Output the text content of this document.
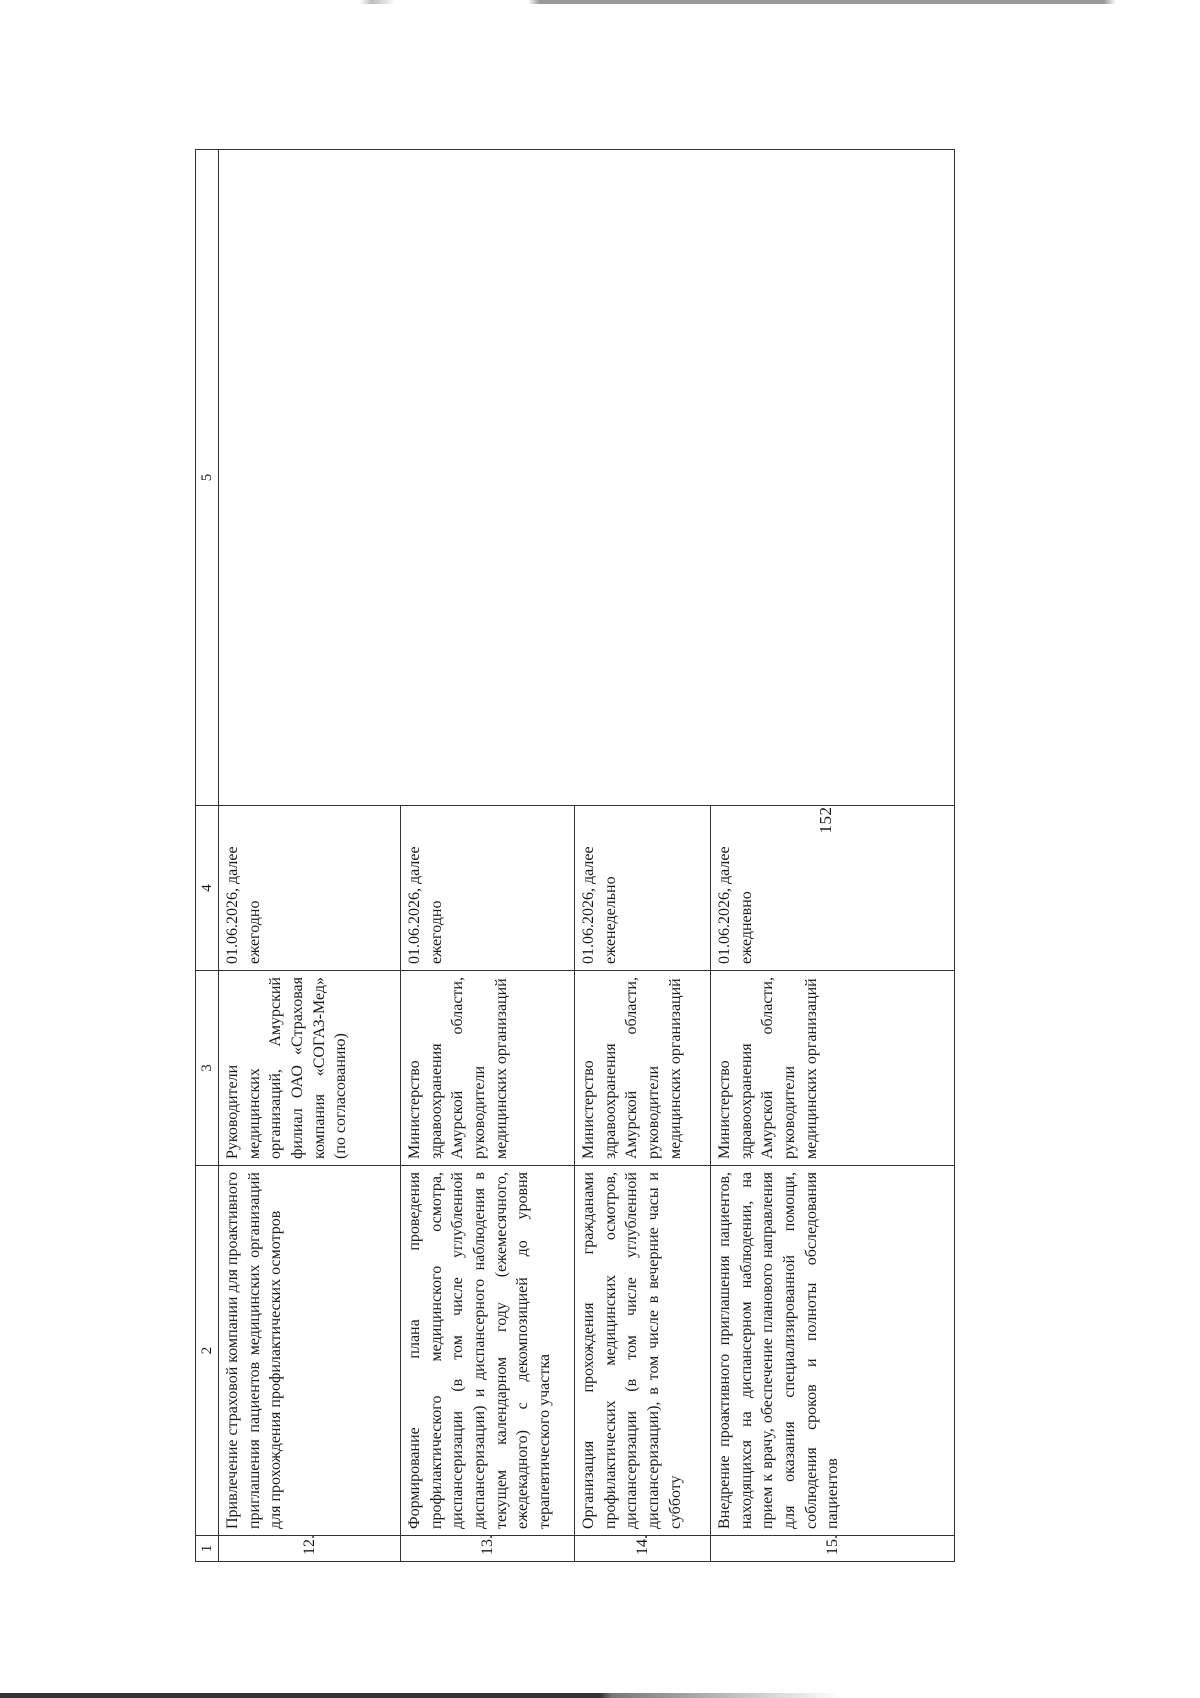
152
1	2	3	4	5
12.	Привлечение страховой компании для проактивного приглашения пациентов медицинских организаций для прохождения профилактических осмотров	Руководители медицинских организаций, Амурский филиал ОАО «Страховая компания «СОГАЗ-Мед» (по согласованию)	01.06.2026, далее ежегодно	
13.	Формирование плана проведения профилактического медицинского осмотра, диспансеризации (в том числе углубленной диспансеризации) и диспансерного наблюдения в текущем календарном году (ежемесячного, ежедекадного) с декомпозицией до уровня терапевтического участка	Министерство здравоохранения Амурской области, руководители медицинских организаций	01.06.2026, далее ежегодно	
14.	Организация прохождения гражданами профилактических медицинских осмотров, диспансеризации (в том числе углубленной диспансеризации), в том числе в вечерние часы и субботу	Министерство здравоохранения Амурской области, руководители медицинских организаций	01.06.2026, далее еженедельно	
15.	Внедрение проактивного приглашения пациентов, находящихся на диспансерном наблюдении, на прием к врачу, обеспечение планового направления для оказания специализированной помощи, соблюдения сроков и полноты обследования пациентов	Министерство здравоохранения Амурской области, руководители медицинских организаций	01.06.2026, далее ежедневно	
